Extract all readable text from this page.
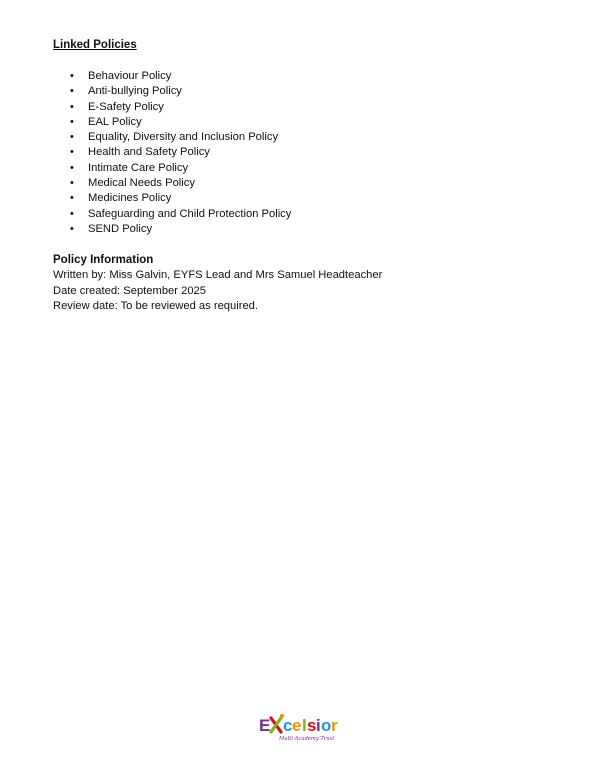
Linked Policies
• Behaviour Policy
• Anti-bullying Policy
• E-Safety Policy
• EAL Policy
• Equality, Diversity and Inclusion Policy
• Health and Safety Policy
• Intimate Care Policy
• Medical Needs Policy
• Medicines Policy
• Safeguarding and Child Protection Policy
• SEND Policy
Policy Information
Written by: Miss Galvin, EYFS Lead and Mrs Samuel Headteacher
Date created: September 2025
Review date: To be reviewed as required.
E c e l s i o r
Multi Academy Trust
